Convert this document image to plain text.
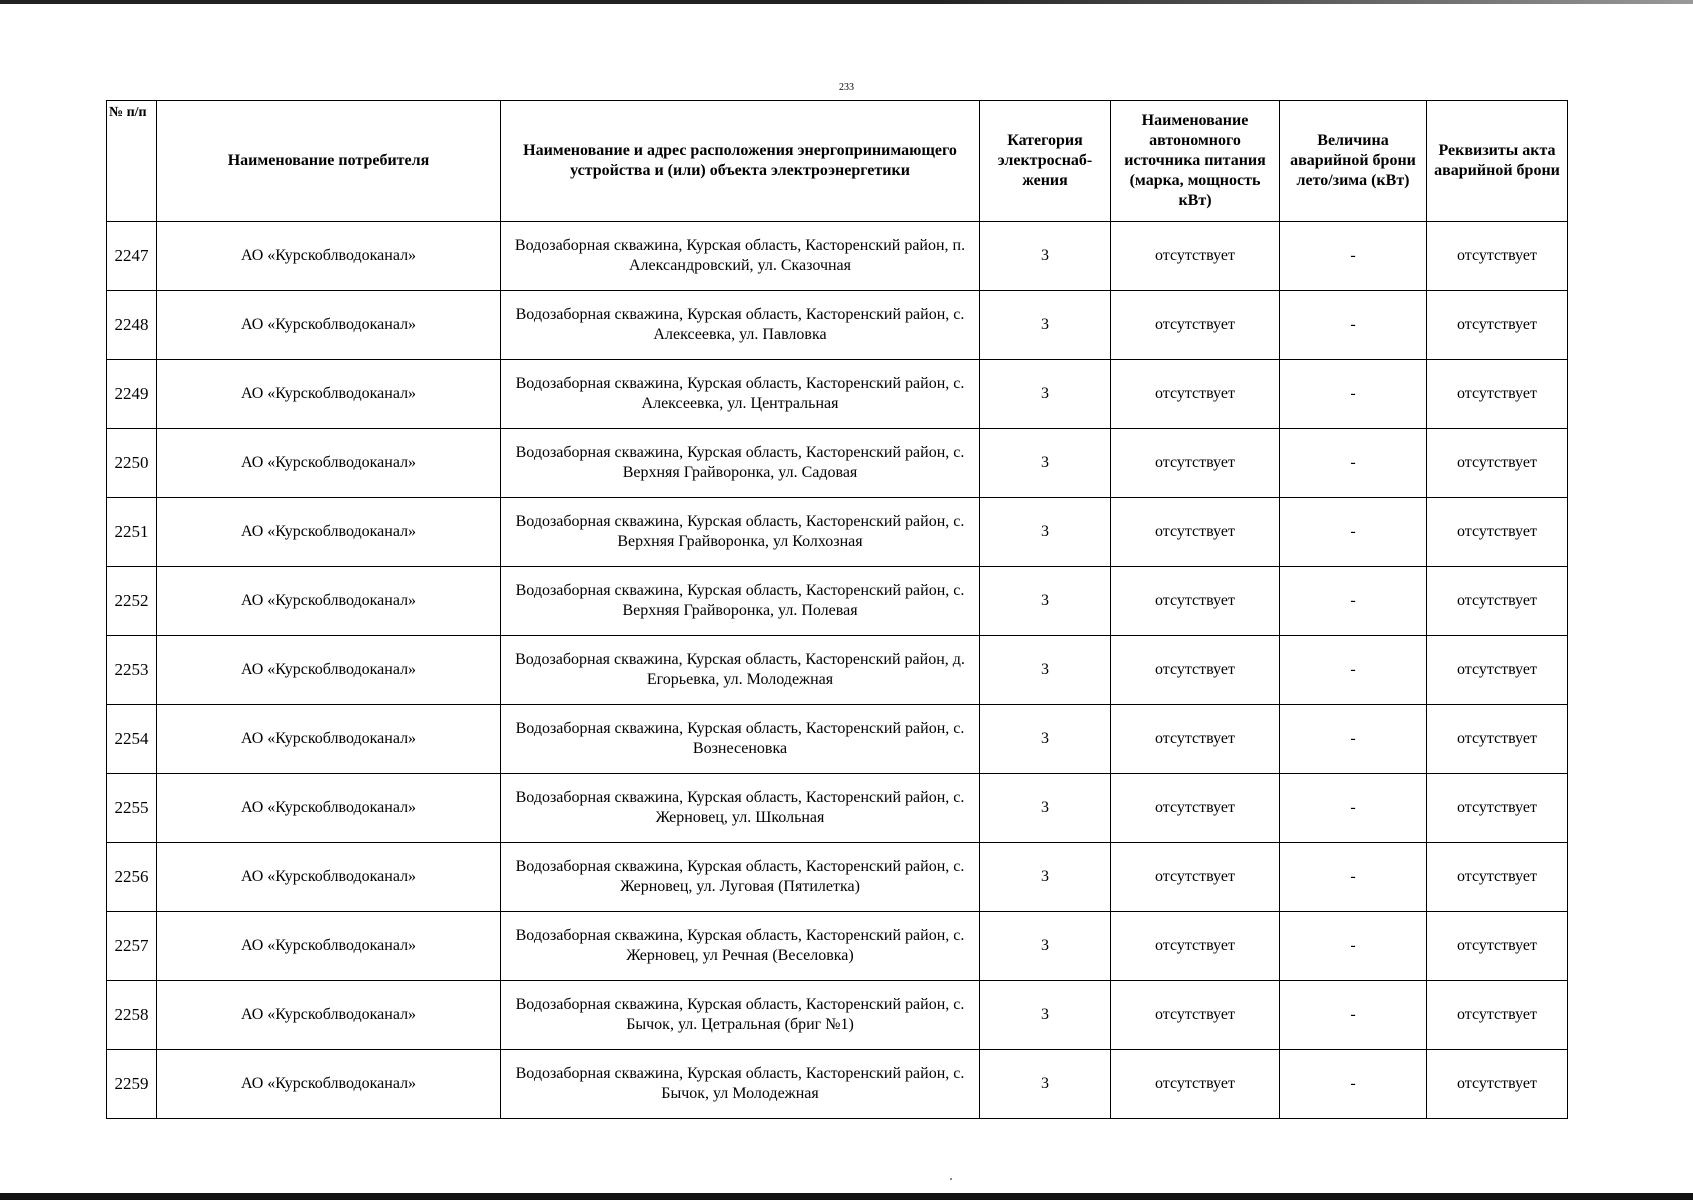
233
№ п/п	Наименование потребителя	Наименование и адрес расположения энергопринимающего устройства и (или) объекта электроэнергетики	Категория электроснаб-жения	Наименование автономного источника питания (марка, мощность кВт)	Величина аварийной брони лето/зима (кВт)	Реквизиты акта аварийной брони
2247	АО «Курскоблводоканал»	Водозаборная скважина, Курская область, Касторенский район, п. Александровский, ул. Сказочная	3	отсутствует	-	отсутствует
2248	АО «Курскоблводоканал»	Водозаборная скважина, Курская область, Касторенский район, с. Алексеевка, ул. Павловка	3	отсутствует	-	отсутствует
2249	АО «Курскоблводоканал»	Водозаборная скважина, Курская область, Касторенский район, с. Алексеевка, ул. Центральная	3	отсутствует	-	отсутствует
2250	АО «Курскоблводоканал»	Водозаборная скважина, Курская область, Касторенский район, с. Верхняя Грайворонка, ул. Садовая	3	отсутствует	-	отсутствует
2251	АО «Курскоблводоканал»	Водозаборная скважина, Курская область, Касторенский район, с. Верхняя Грайворонка, ул Колхозная	3	отсутствует	-	отсутствует
2252	АО «Курскоблводоканал»	Водозаборная скважина, Курская область, Касторенский район, с. Верхняя Грайворонка, ул. Полевая	3	отсутствует	-	отсутствует
2253	АО «Курскоблводоканал»	Водозаборная скважина, Курская область, Касторенский район, д. Егорьевка, ул. Молодежная	3	отсутствует	-	отсутствует
2254	АО «Курскоблводоканал»	Водозаборная скважина, Курская область, Касторенский район, с. Вознесеновка	3	отсутствует	-	отсутствует
2255	АО «Курскоблводоканал»	Водозаборная скважина, Курская область, Касторенский район, с. Жерновец, ул. Школьная	3	отсутствует	-	отсутствует
2256	АО «Курскоблводоканал»	Водозаборная скважина, Курская область, Касторенский район, с. Жерновец, ул. Луговая (Пятилетка)	3	отсутствует	-	отсутствует
2257	АО «Курскоблводоканал»	Водозаборная скважина, Курская область, Касторенский район, с. Жерновец, ул Речная (Веселовка)	3	отсутствует	-	отсутствует
2258	АО «Курскоблводоканал»	Водозаборная скважина, Курская область, Касторенский район, с. Бычок, ул. Цетральная (бриг №1)	3	отсутствует	-	отсутствует
2259	АО «Курскоблводоканал»	Водозаборная скважина, Курская область, Касторенский район, с. Бычок, ул Молодежная	3	отсутствует	-	отсутствует
